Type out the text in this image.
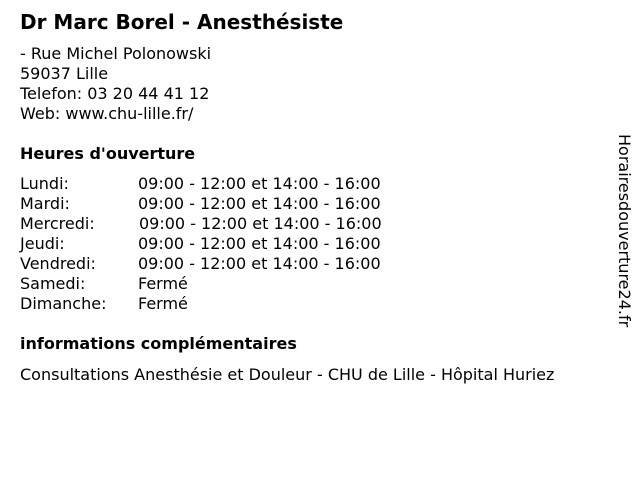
Dr Marc Borel - Anesthésiste
- Rue Michel Polonowski
59037 Lille
Telefon: 03 20 44 41 12
Web: www.chu-lille.fr/
Heures d'ouverture
Lundi:	09:00 - 12:00 et 14:00 - 16:00
Mardi:	09:00 - 12:00 et 14:00 - 16:00
Mercredi:	09:00 - 12:00 et 14:00 - 16:00
Jeudi:	09:00 - 12:00 et 14:00 - 16:00
Vendredi:	09:00 - 12:00 et 14:00 - 16:00
Samedi:	Fermé
Dimanche: Fermé
informations complémentaires
Consultations Anesthésie et Douleur - CHU de Lille - Hôpital Huriez
Horairesdouverture24.fr
